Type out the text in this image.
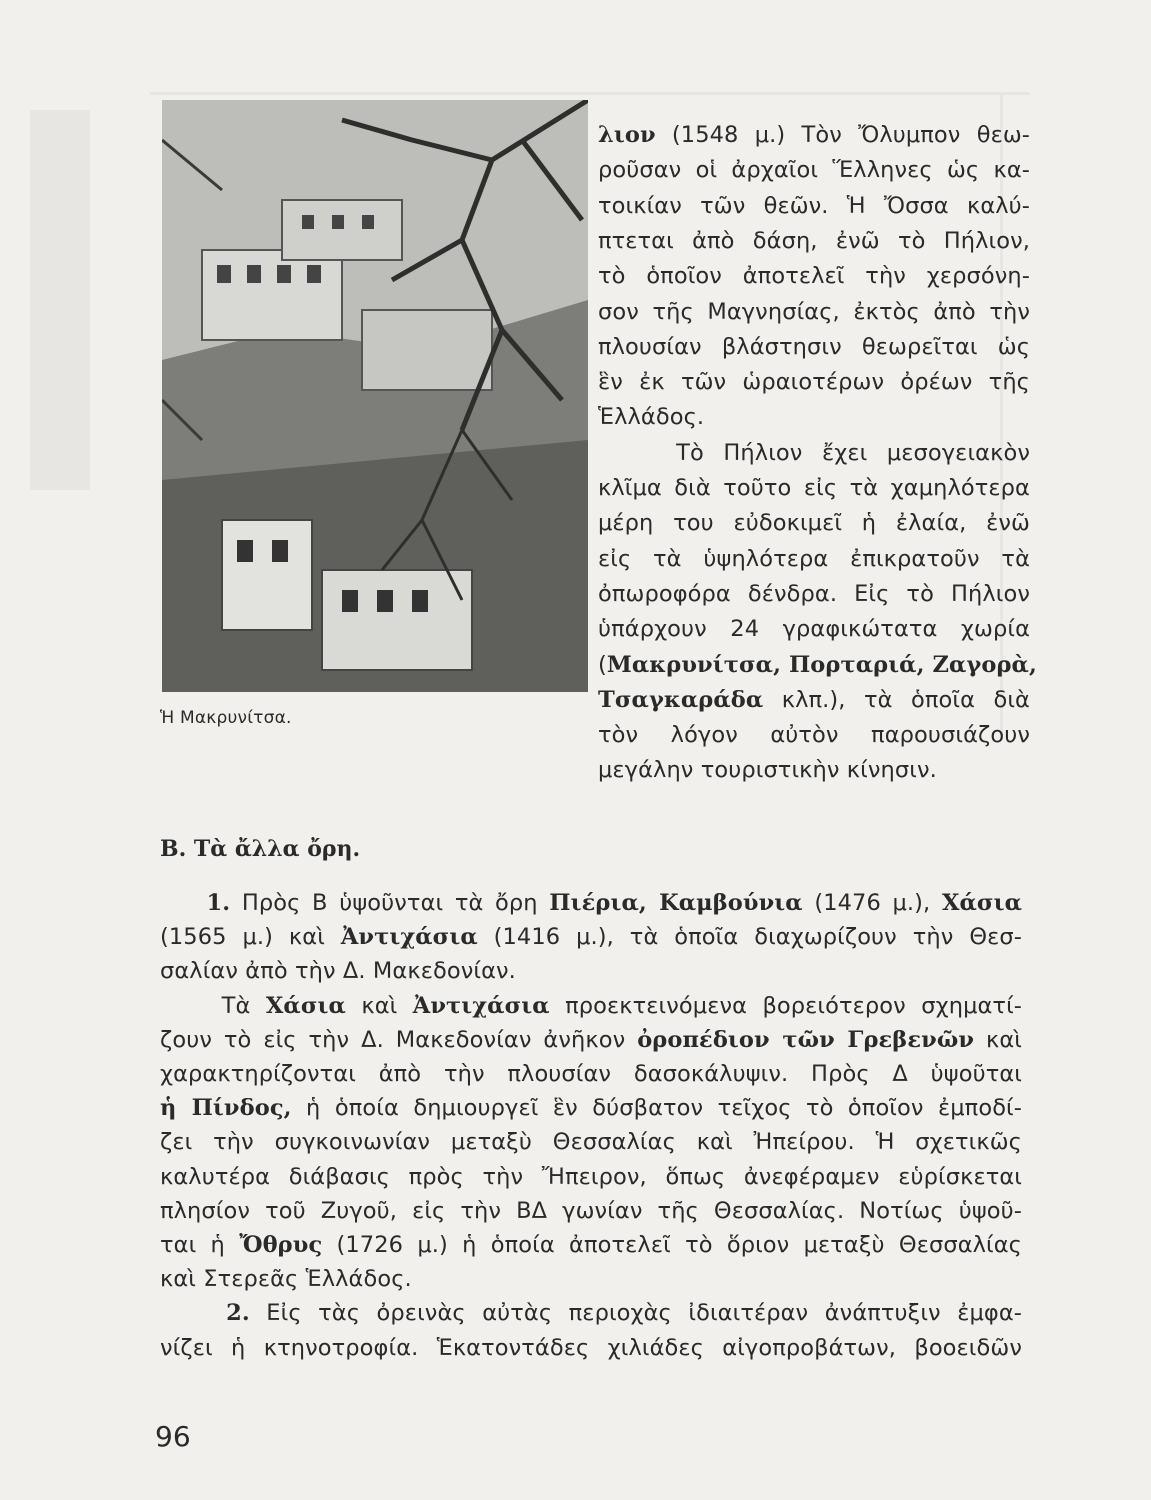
Ἡ Μακρυνίτσα.
λιον (1548 μ.) Τὸν Ὄλυμπον θεω-
ροῦσαν οἱ ἀρχαῖοι Ἕλληνες ὡς κα-
τοικίαν τῶν θεῶν. Ἡ Ὄσσα καλύ-
πτεται ἀπὸ δάση, ἐνῶ τὸ Πήλιον,
τὸ ὁποῖον ἀποτελεῖ τὴν χερσόνη-
σον τῆς Μαγνησίας, ἐκτὸς ἀπὸ τὴν
πλουσίαν βλάστησιν θεωρεῖται ὡς
ἓν ἐκ τῶν ὡραιοτέρων ὀρέων τῆς
Ἑλλάδος.
Τὸ Πήλιον ἔχει μεσογειακὸν
κλῖμα διὰ τοῦτο εἰς τὰ χαμηλότερα
μέρη του εὐδοκιμεῖ ἡ ἐλαία, ἐνῶ
εἰς τὰ ὑψηλότερα ἐπικρατοῦν τὰ
ὀπωροφόρα δένδρα. Εἰς τὸ Πήλιον
ὑπάρχουν 24 γραφικώτατα χωρία
(Μακρυνίτσα, Πορταριά, Ζαγορὰ,
Τσαγκαράδα κλπ.), τὰ ὁποῖα διὰ
τὸν λόγον αὐτὸν παρουσιάζουν
μεγάλην τουριστικὴν κίνησιν.
Β. Τὰ ἄλλα ὄρη.
1. Πρὸς Β ὑψοῦνται τὰ ὄρη Πιέρια, Καμβούνια (1476 μ.), Χάσια
(1565 μ.) καὶ Ἀντιχάσια (1416 μ.), τὰ ὁποῖα διαχωρίζουν τὴν Θεσ-
σαλίαν ἀπὸ τὴν Δ. Μακεδονίαν.
Τὰ Χάσια καὶ Ἀντιχάσια προεκτεινόμενα βορειότερον σχηματί-
ζουν τὸ εἰς τὴν Δ. Μακεδονίαν ἀνῆκον ὀροπέδιον τῶν Γρεβενῶν καὶ
χαρακτηρίζονται ἀπὸ τὴν πλουσίαν δασοκάλυψιν. Πρὸς Δ ὑψοῦται
ἡ Πίνδος, ἡ ὁποία δημιουργεῖ ἓν δύσβατον τεῖχος τὸ ὁποῖον ἐμποδί-
ζει τὴν συγκοινωνίαν μεταξὺ Θεσσαλίας καὶ Ἠπείρου. Ἡ σχετικῶς
καλυτέρα διάβασις πρὸς τὴν Ἤπειρον, ὅπως ἀνεφέραμεν εὑρίσκεται
πλησίον τοῦ Ζυγοῦ, εἰς τὴν ΒΔ γωνίαν τῆς Θεσσαλίας. Νοτίως ὑψοῦ-
ται ἡ Ὄθρυς (1726 μ.) ἡ ὁποία ἀποτελεῖ τὸ ὅριον μεταξὺ Θεσσαλίας
καὶ Στερεᾶς Ἑλλάδος.
2. Εἰς τὰς ὀρεινὰς αὐτὰς περιοχὰς ἰδιαιτέραν ἀνάπτυξιν ἐμφα-
νίζει ἡ κτηνοτροφία. Ἑκατοντάδες χιλιάδες αἰγοπροβάτων, βοοειδῶν
96
